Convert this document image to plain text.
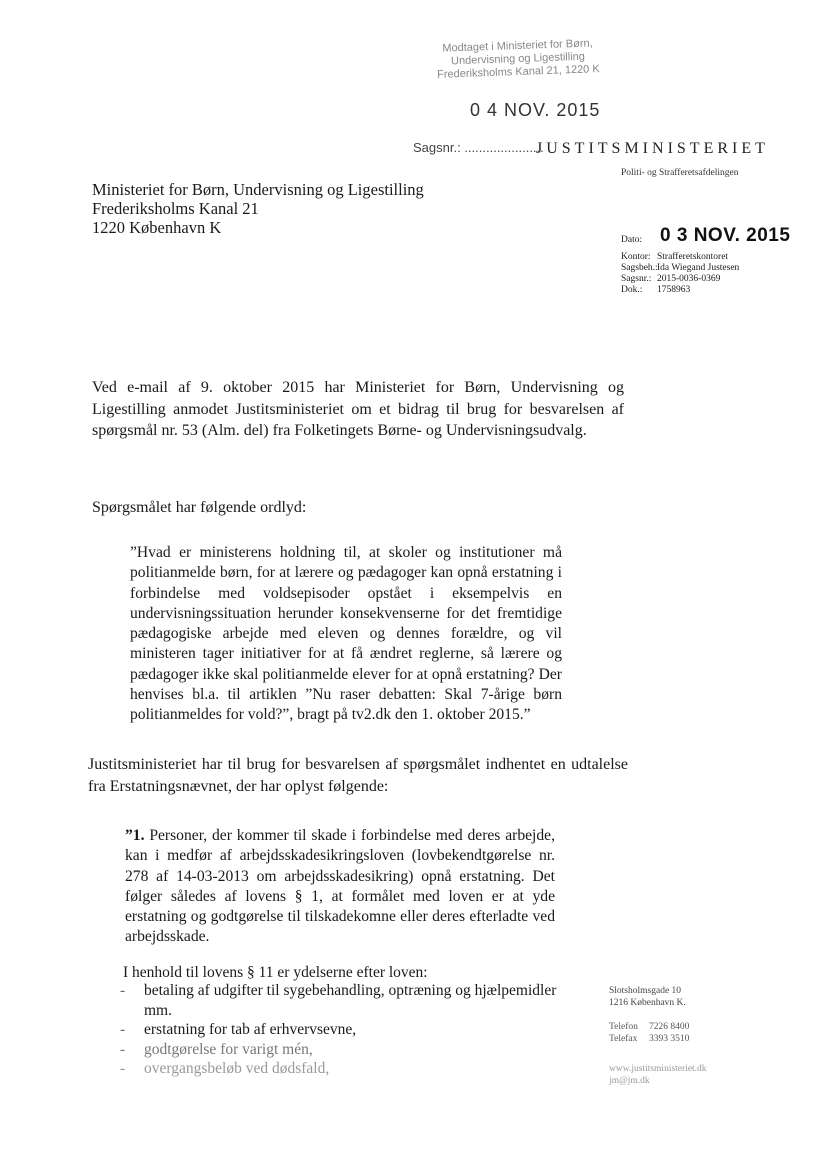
Modtaget i Ministeriet for Børn,
Undervisning og Ligestilling
Frederiksholms Kanal 21, 1220 K
0 4 NOV. 2015
Sagsnr.: ......................
JUSTITSMINISTERIET
Politi- og Strafferetsafdelingen
Ministeriet for Børn, Undervisning og Ligestilling
Frederiksholms Kanal 21
1220 København K
Dato: 0 3 NOV. 2015
Kontor: Strafferetskontoret
Sagsbeh.: Ida Wiegand Justesen
Sagsnr.: 2015-0036-0369
Dok.:	1758963
Ved e-mail af 9. oktober 2015 har Ministeriet for Børn, Undervisning og Ligestilling anmodet Justitsministeriet om et bidrag til brug for besvarelsen af spørgsmål nr. 53 (Alm. del) fra Folketingets Børne- og Undervisningsudvalg.
Spørgsmålet har følgende ordlyd:
”Hvad er ministerens holdning til, at skoler og institutioner må politianmelde børn, for at lærere og pædagoger kan opnå erstatning i forbindelse med voldsepisoder opstået i eksempelvis en undervisningssituation herunder konsekvenserne for det fremtidige pædagogiske arbejde med eleven og dennes forældre, og vil ministeren tager initiativer for at få ændret reglerne, så lærere og pædagoger ikke skal politianmelde elever for at opnå erstatning? Der henvises bl.a. til artiklen ”Nu raser debatten: Skal 7-årige børn politianmeldes for vold?”, bragt på tv2.dk den 1. oktober 2015.”
Justitsministeriet har til brug for besvarelsen af spørgsmålet indhentet en udtalelse fra Erstatningsnævnet, der har oplyst følgende:
”1. Personer, der kommer til skade i forbindelse med deres arbejde, kan i medfør af arbejdsskadesikringsloven (lovbekendtgørelse nr. 278 af 14-03-2013 om arbejdsskadesikring) opnå erstatning. Det følger således af lovens § 1, at formålet med loven er at yde erstatning og godtgørelse til tilskadekomne eller deres efterladte ved arbejdsskade.
I henhold til lovens § 11 er ydelserne efter loven:
-	betaling af udgifter til sygebehandling, optræning og hjælpemidler mm.
-	erstatning for tab af erhvervsevne,
-	godtgørelse for varigt mén,
-	overgangsbeløb ved dødsfald,
Slotsholmsgade 10
1216 København K.
Telefon	7226 8400
Telefax	3393 3510
www.justitsministeriet.dk
jm@jm.dk
